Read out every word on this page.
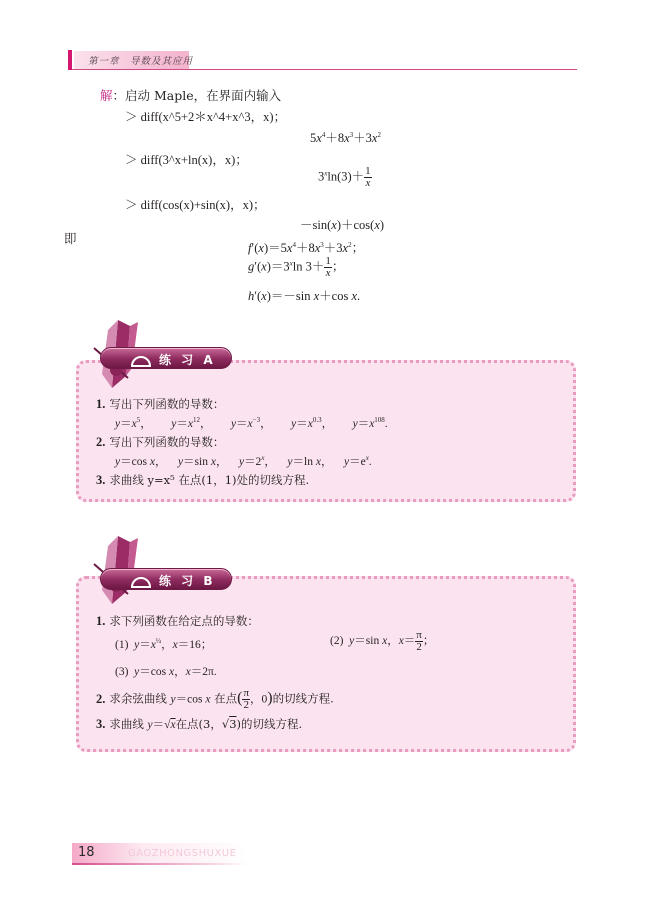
第一章　导数及其应用
解：启动 Maple，在界面内输入
＞ diff(x^5+2＊x^4+x^3，x)；
$5x^4+8x^3+3x^2$
＞ diff(3^x+ln(x)，x)；
$3^x\ln(3)+ \frac{1}{x}$
＞ diff(cos(x)+sin(x)，x)；
－sin(x)＋cos(x)
即
$f'(x)=5x^4+8x^3+3x^2$；
$g'(x)=3^x\ln$ $3+ \frac{1}{x}$ ；
h′(x)＝－sin x＋cos x.
练 习 A
1. 写出下列函数的导数：
$y=x^5$，    $y=x^{12}$，    $y=x^{-3}$，    $y=x^{0.3}$，    $y=x^{108}$.
2. 写出下列函数的导数：
y＝cos x，    y＝sin x，    $y=2^x$，    y＝ln x，    $y=e^x$.
3. 求曲线 y=x⁵ 在点(1，1)处的切线方程.
练 习 B
1. 求下列函数在给定点的导数：
(1)  $y=x^{\frac{1}{4}}$，x＝16；	(2)  y＝sin x，$x= \frac{\pi}{2}$ ；
(3)  y＝cos x，x＝2π.
2. 求余弦曲线 y＝cos x 在点( $\frac{\pi}{2}$ ，0)的切线方程.
3. 求曲线 y＝√x在点(3，√3)的切线方程.
18	GAOZHONGSHUXUE
